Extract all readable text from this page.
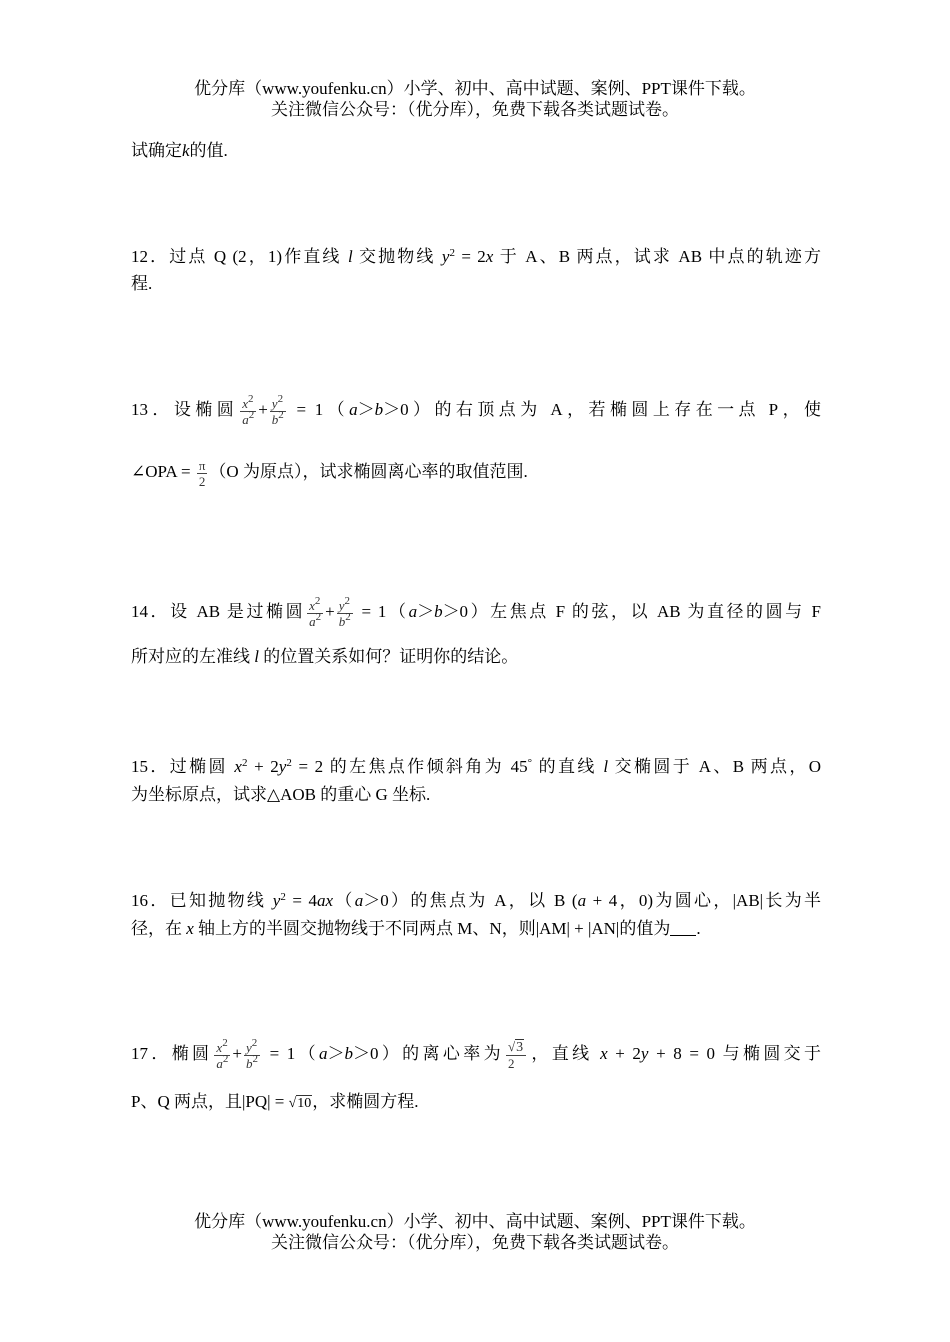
优分库（www.youfenku.cn）小学、初中、高中试题、案例、PPT课件下载。
关注微信公众号：（优分库），免费下载各类试题试卷。
试确定k的值.
12．过点 Q (2，1)作直线 l 交抛物线 $y^2 = 2x$ 于 A、B 两点，试求 AB 中点的轨迹方
程.
13．设椭圆 $\frac{x^2}{a^2} + \frac{y^2}{b^2} = 1(a>b>0)$的右顶点为 A，若椭圆上存在一点 P，使
∠OPA = $\frac{\pi}{2} (O$ 为原点），试求椭圆离心率的取值范围.
14．设 AB 是过椭圆 $\frac{x^2}{a^2} + \frac{y^2}{b^2} = 1(a>b>0)$左焦点 F 的弦，以 AB 为直径的圆与 F
所对应的左准线 l 的位置关系如何？证明你的结论。
15．过椭圆 $x^2 + 2y^2 = 2$ 的左焦点作倾斜角为 45° 的直线 l 交椭圆于 A、B 两点，O
为坐标原点，试求△AOB 的重心 G 坐标.
16．已知抛物线 $y^2 = 4ax(a>0)$的焦点为 A，以 B (a + 4，0)为圆心，|AB|长为半
径，在 x 轴上方的半圆交抛物线于不同两点 M、N，则|AM| + |AN|的值为 .
17．椭圆 $\frac{x^2}{a^2} + \frac{y^2}{b^2} = 1(a>b>0)$的离心率为 $\frac{√3}{2}$ ，直线 x + 2y + 8 = 0 与椭圆交于
P、Q 两点，且|PQ| = √10，求椭圆方程.
优分库（www.youfenku.cn）小学、初中、高中试题、案例、PPT课件下载。
关注微信公众号：（优分库），免费下载各类试题试卷。
